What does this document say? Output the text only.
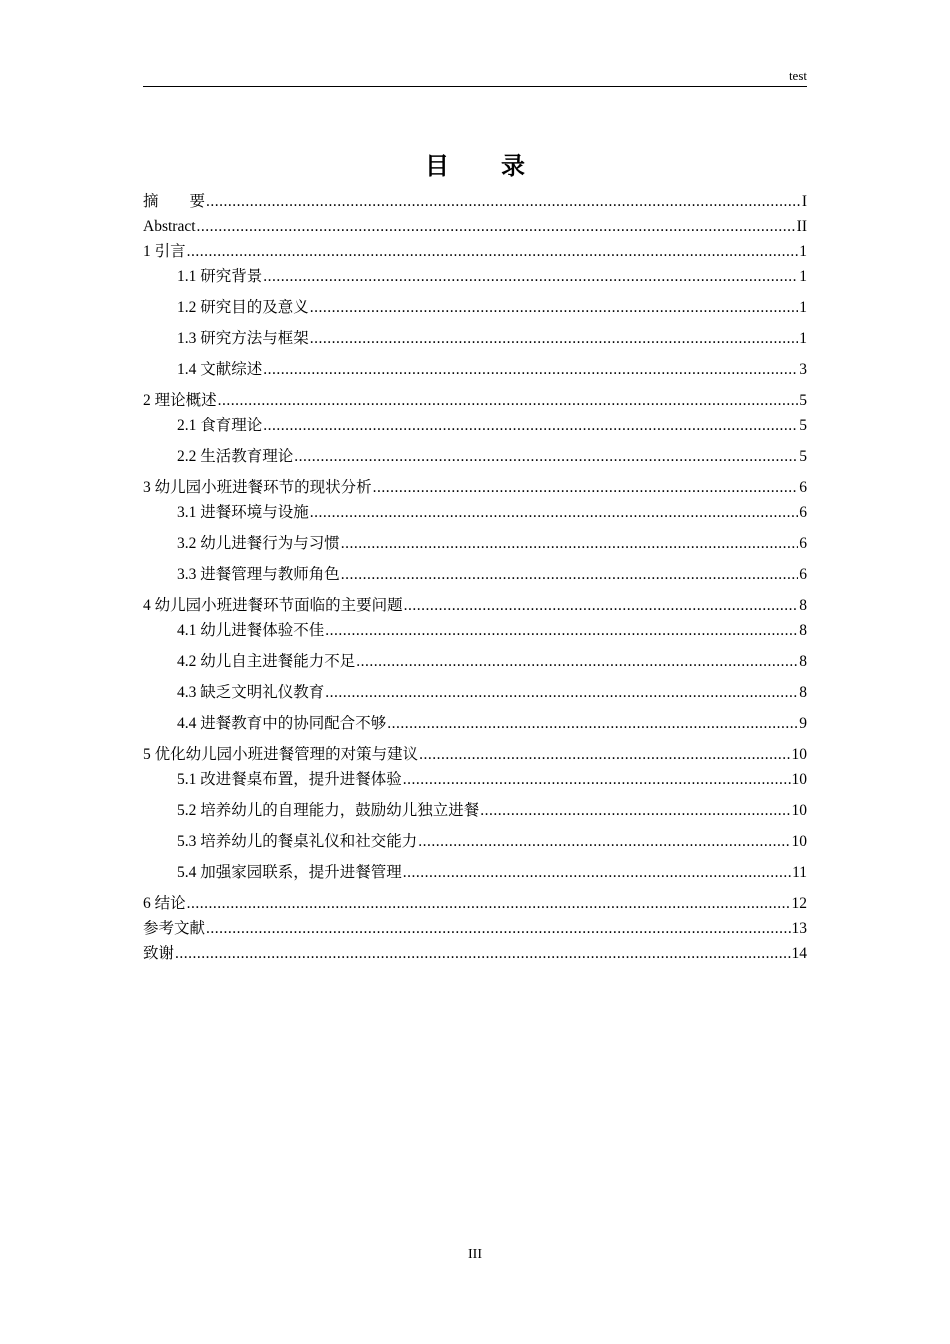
test
目 录
摘　　要 .....	I
Abstract .....	II
1 引言 .....	1
1.1 研究背景 .....	1
1.2 研究目的及意义 .....	1
1.3 研究方法与框架 .....	1
1.4 文献综述 .....	3
2 理论概述 .....	5
2.1 食育理论 .....	5
2.2 生活教育理论 .....	5
3 幼儿园小班进餐环节的现状分析 .....	6
3.1 进餐环境与设施 .....	6
3.2 幼儿进餐行为与习惯 .....	6
3.3 进餐管理与教师角色 .....	6
4 幼儿园小班进餐环节面临的主要问题 .....	8
4.1 幼儿进餐体验不佳 .....	8
4.2 幼儿自主进餐能力不足 .....	8
4.3 缺乏文明礼仪教育 .....	8
4.4 进餐教育中的协同配合不够 .....	9
5 优化幼儿园小班进餐管理的对策与建议 .....	10
5.1 改进餐桌布置，提升进餐体验 .....	10
5.2 培养幼儿的自理能力，鼓励幼儿独立进餐 .....	10
5.3 培养幼儿的餐桌礼仪和社交能力 .....	10
5.4 加强家园联系，提升进餐管理 .....	11
6 结论 .....	12
参考文献 .....	13
致谢 .....	14
III
